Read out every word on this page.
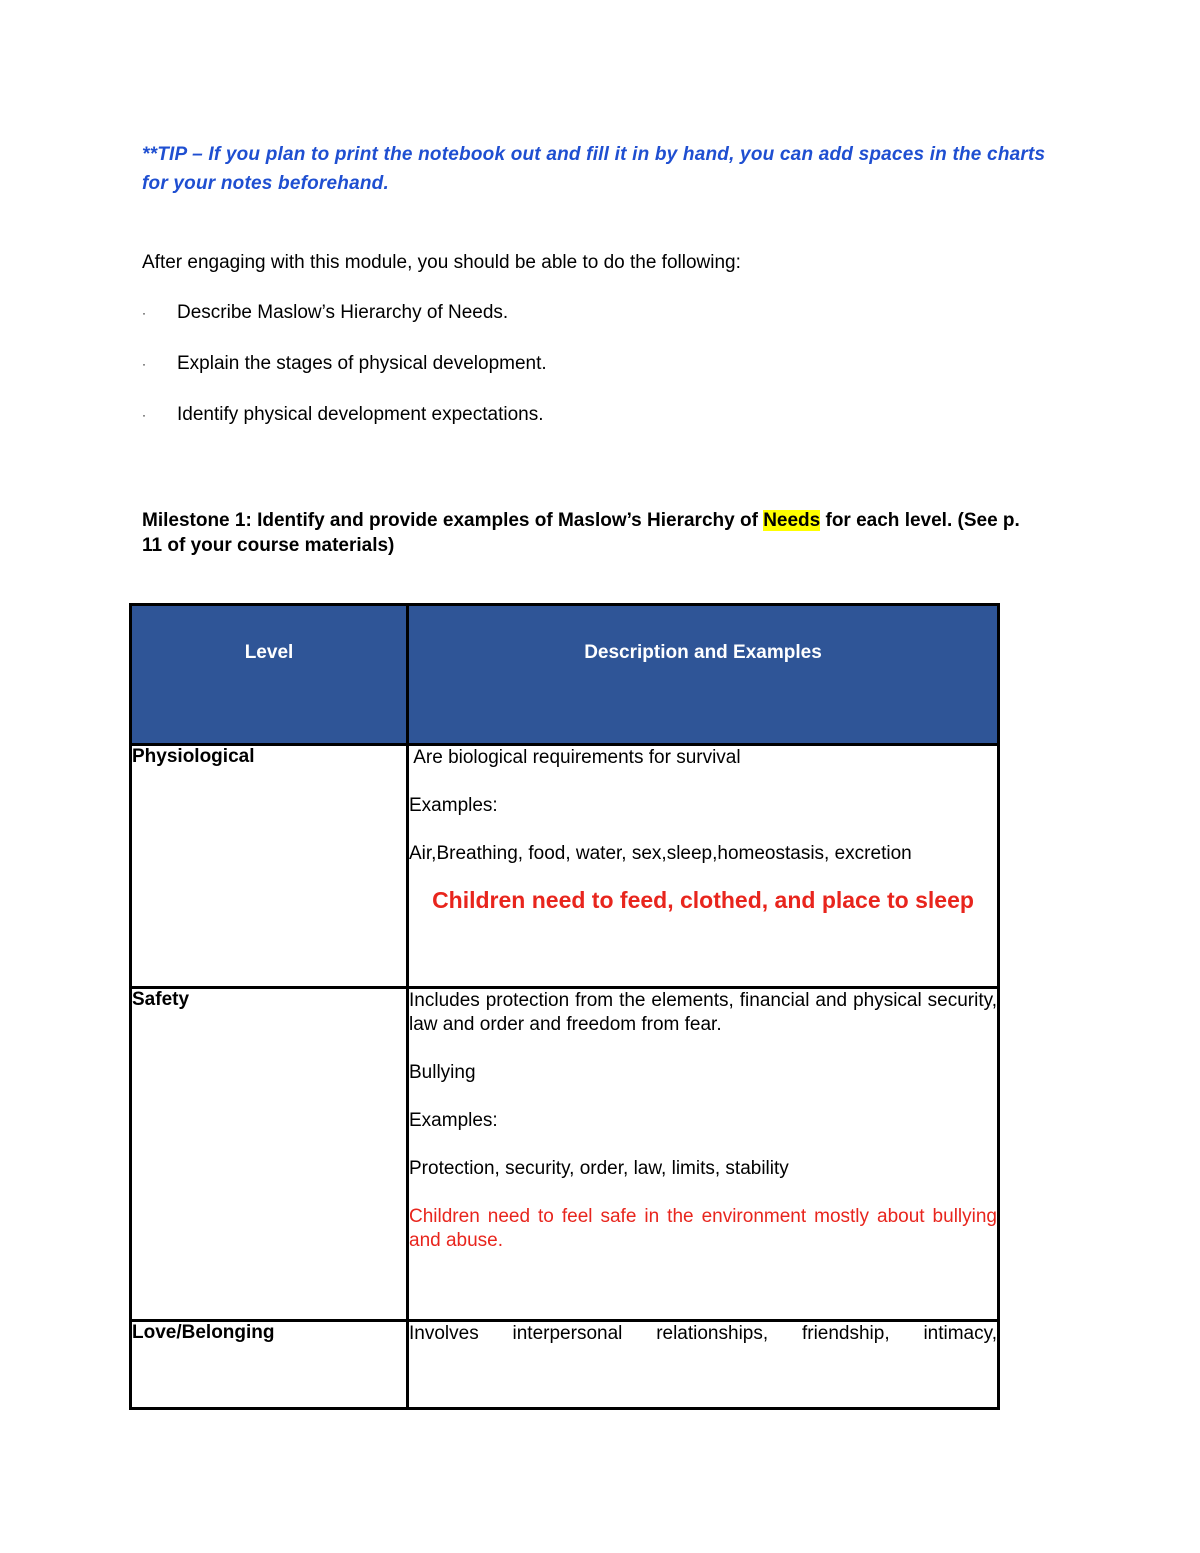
**TIP – If you plan to print the notebook out and fill it in by hand, you can add spaces in the charts for your notes beforehand.
After engaging with this module, you should be able to do the following:
· Describe Maslow’s Hierarchy of Needs.
· Explain the stages of physical development.
· Identify physical development expectations.
Milestone 1: Identify and provide examples of Maslow’s Hierarchy of Needs for each level. (See p. 11 of your course materials)
Level	Description and Examples
Physiological	Are biological requirements for survival

Examples:

Air,Breathing, food, water, sex,sleep,homeostasis, excretion

Children need to feed, clothed, and place to sleep

Safety	Includes protection from the elements, financial and physical security, law and order and freedom from fear.

Bullying

Examples:

Protection, security, order, law, limits, stability

Children need to feel safe in the environment mostly about bullying and abuse.

Love/Belonging	Involves interpersonal relationships, friendship, intimacy,
